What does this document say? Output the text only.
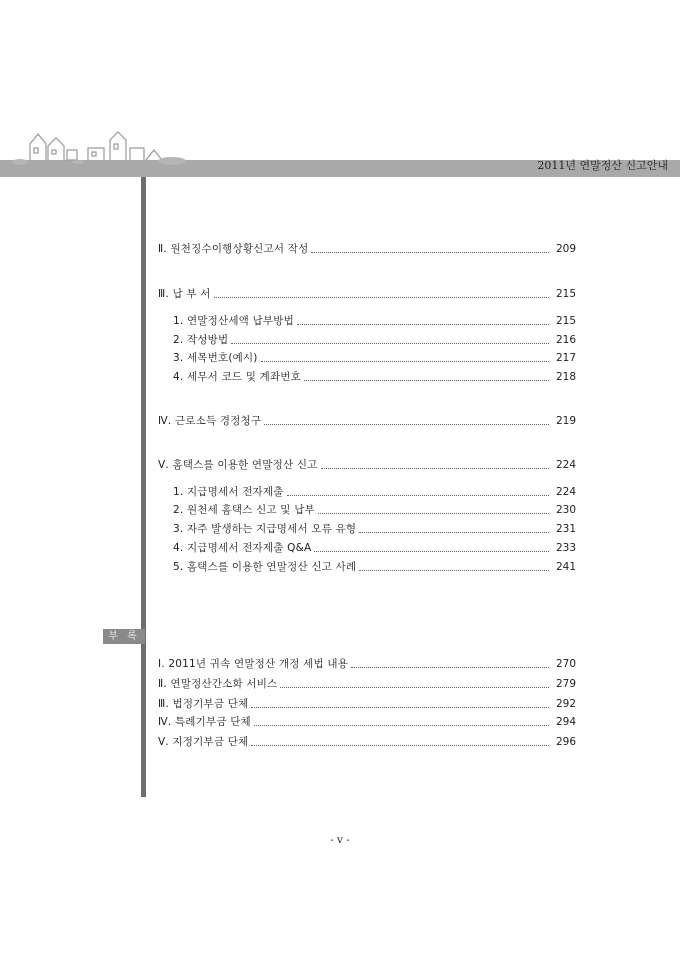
2011년 연말정산 신고안내
Ⅱ. 원천징수이행상황신고서 작성	209
Ⅲ. 납 부 서	215
1. 연말정산세액 납부방법	215
2. 작성방법	216
3. 세목번호(예시)	217
4. 세무서 코드 및 계좌번호	218
Ⅳ. 근로소득 경정청구	219
Ⅴ. 홈택스를 이용한 연말정산 신고	224
1. 지급명세서 전자제출	224
2. 원천세 홈택스 신고 및 납부	230
3. 자주 발생하는 지급명세서 오류 유형	231
4. 지급명세서 전자제출 Q&A	233
5. 홈택스를 이용한 연말정산 신고 사례	241
부 록
Ⅰ. 2011년 귀속 연말정산 개정 세법 내용	270
Ⅱ. 연말정산간소화 서비스	279
Ⅲ. 법정기부금 단체	292
Ⅳ. 특례기부금 단체	294
Ⅴ. 지정기부금 단체	296
- v -
